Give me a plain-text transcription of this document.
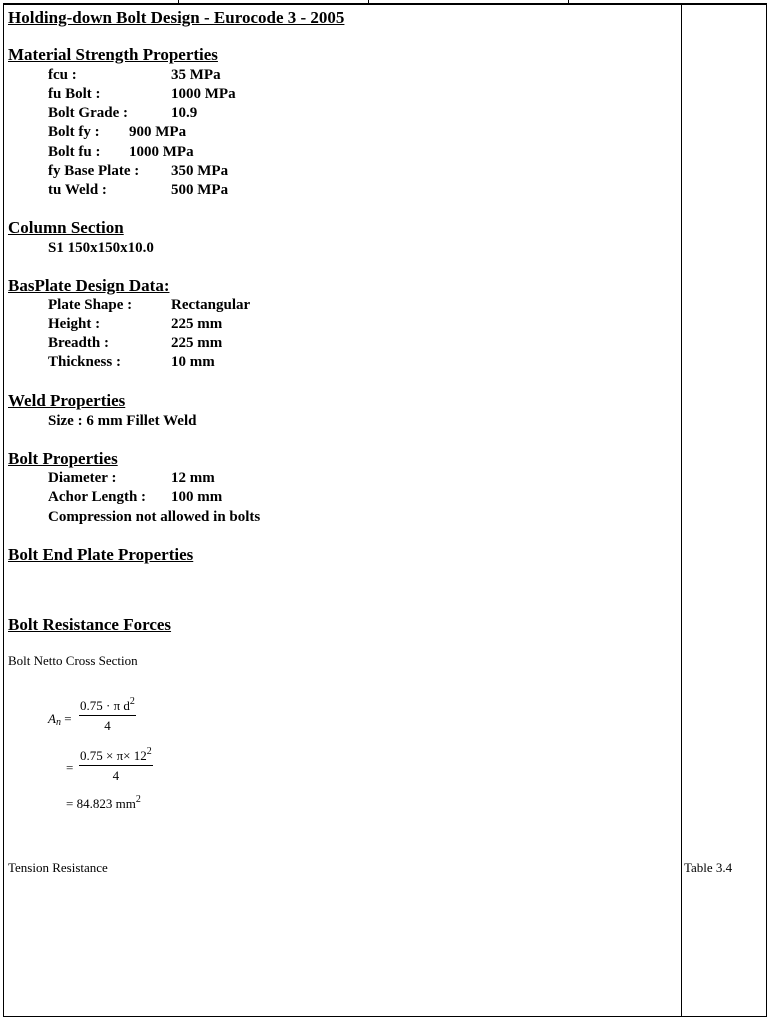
Holding-down Bolt Design - Eurocode 3 - 2005
Material Strength Properties
fcu :	35 MPa
fu Bolt :	1000 MPa
Bolt Grade :	10.9
Bolt fy : 900 MPa
Bolt fu : 1000 MPa
fy Base Plate : 350 MPa
tu Weld :	500 MPa
Column Section
S1 150x150x10.0
BasPlate Design Data:
Plate Shape :	Rectangular
Height :	225 mm
Breadth :	225 mm
Thickness :	10 mm
Weld Properties
Size : 6 mm Fillet Weld
Bolt Properties
Diameter :	12 mm
Achor Length : 100 mm
Compression not allowed in bolts
Bolt End Plate Properties
Bolt Resistance Forces
Bolt Netto Cross Section
$A_n = \frac{0.75 \cdot \pi d^2}{4}$
= $\frac{0.75 \times \pi\times 12^2}{4}$
= 84.823 $mm^2$
Tension Resistance	Table 3.4
